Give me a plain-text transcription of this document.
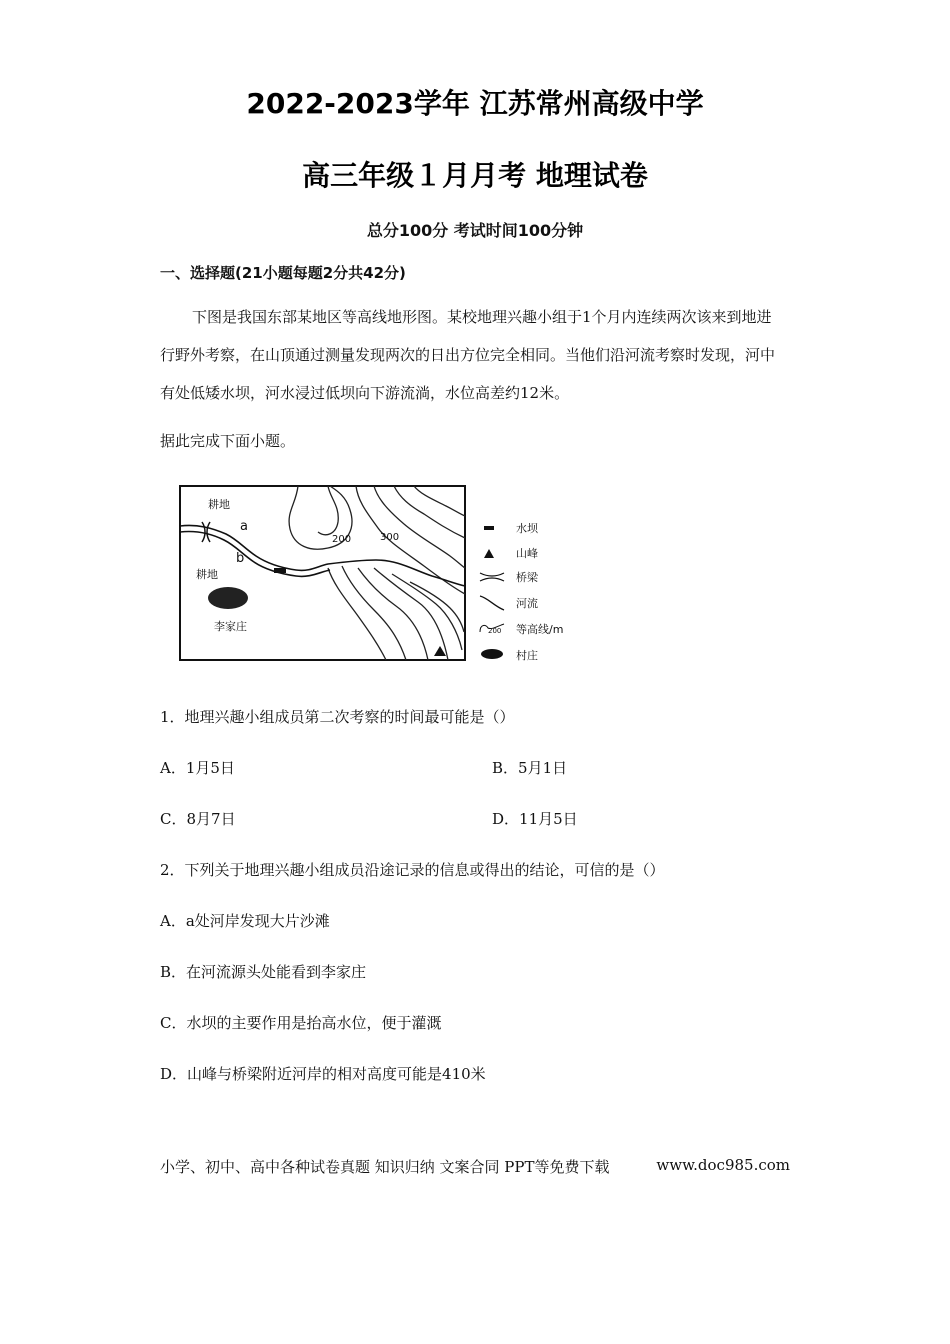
2022-2023学年 江苏常州高级中学
高三年级１月月考 地理试卷
总分100分 考试时间100分钟
一、选择题(21小题每题2分共42分)
下图是我国东部某地区等高线地形图。某校地理兴趣小组于1个月内连续两次该来到地进行野外考察，在山顶通过测量发现两次的日出方位完全相同。当他们沿河流考察时发现，河中有处低矮水坝，河水浸过低坝向下游流淌，水位高差约12米。
据此完成下面小题。
耕地
耕地
李家庄
a
b
200	300
水坝
山峰
桥梁
河流
200 等高线/m
村庄
1．地理兴趣小组成员第二次考察的时间最可能是（）
A．1月5日	B．5月1日
C．8月7日	D．11月5日
2．下列关于地理兴趣小组成员沿途记录的信息或得出的结论，可信的是（）
A．a处河岸发现大片沙滩
B．在河流源头处能看到李家庄
C．水坝的主要作用是抬高水位，便于灌溉
D．山峰与桥梁附近河岸的相对高度可能是410米
小学、初中、高中各种试卷真题 知识归纳 文案合同 PPT等免费下载	www.doc985.com
